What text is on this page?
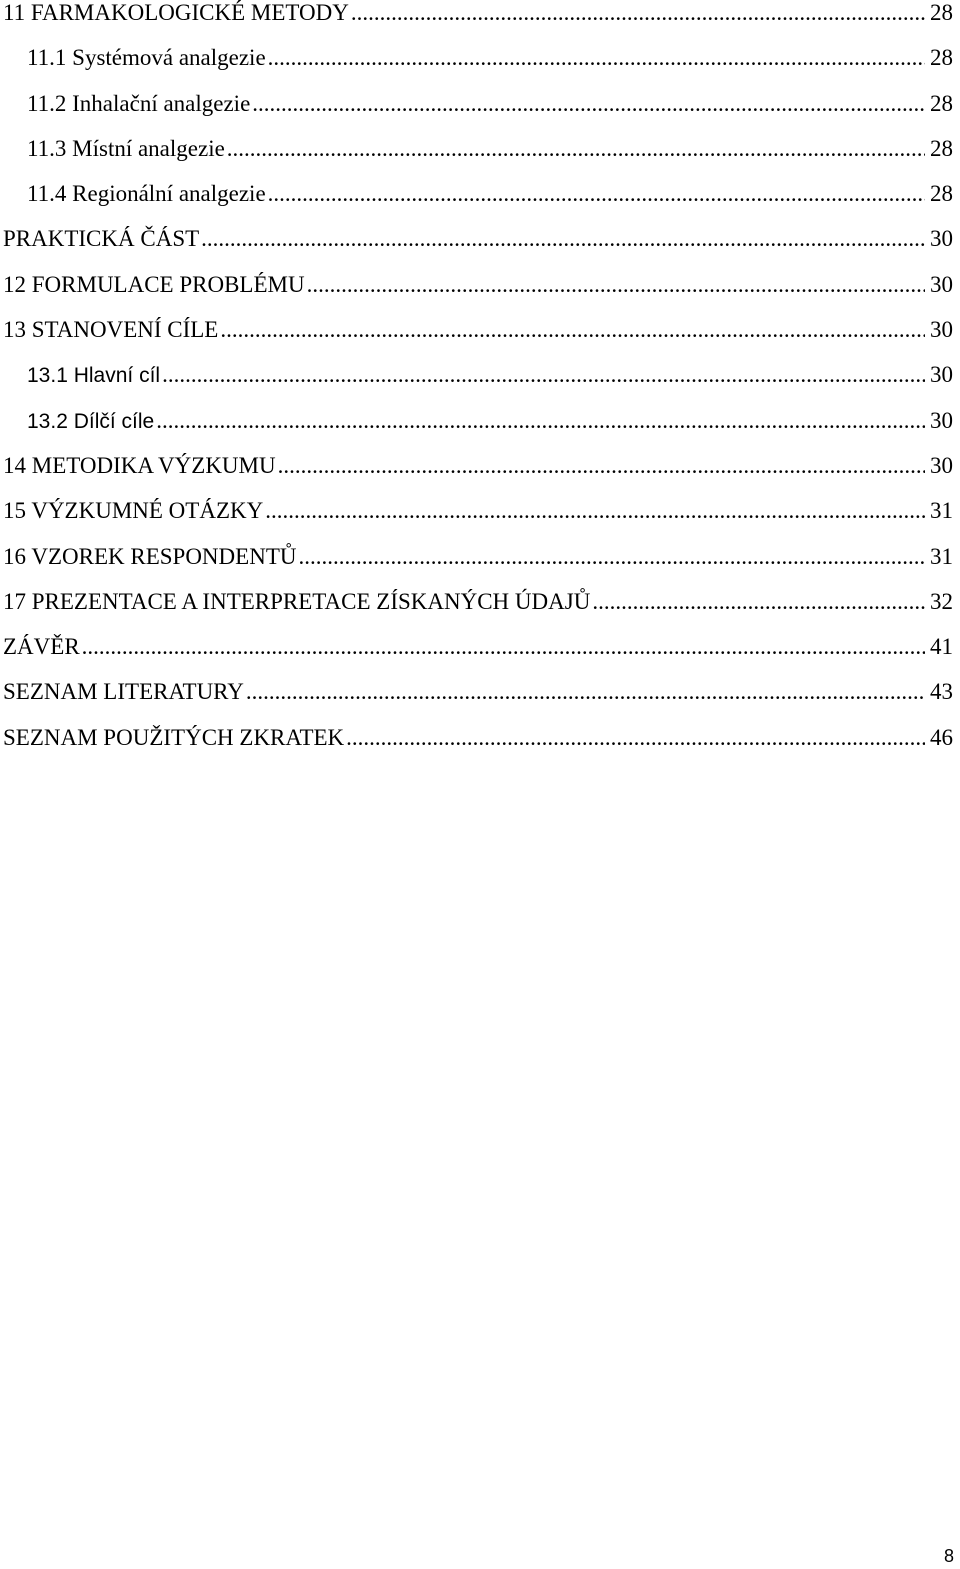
11 FARMAKOLOGICKÉ METODY .....	28
11.1 Systémová analgezie .....	28
11.2 Inhalační analgezie .....	28
11.3 Místní analgezie .....	28
11.4 Regionální analgezie .....	28
PRAKTICKÁ ČÁST .....	30
12 FORMULACE PROBLÉMU .....	30
13 STANOVENÍ CÍLE .....	30
13.1 Hlavní cíl .....	30
13.2 Dílčí cíle .....	30
14 METODIKA VÝZKUMU .....	30
15 VÝZKUMNÉ OTÁZKY .....	31
16 VZOREK RESPONDENTŮ .....	31
17 PREZENTACE A INTERPRETACE ZÍSKANÝCH ÚDAJŮ .....	32
ZÁVĚR .....	41
SEZNAM LITERATURY .....	43
SEZNAM POUŽITÝCH ZKRATEK .....	46
8
